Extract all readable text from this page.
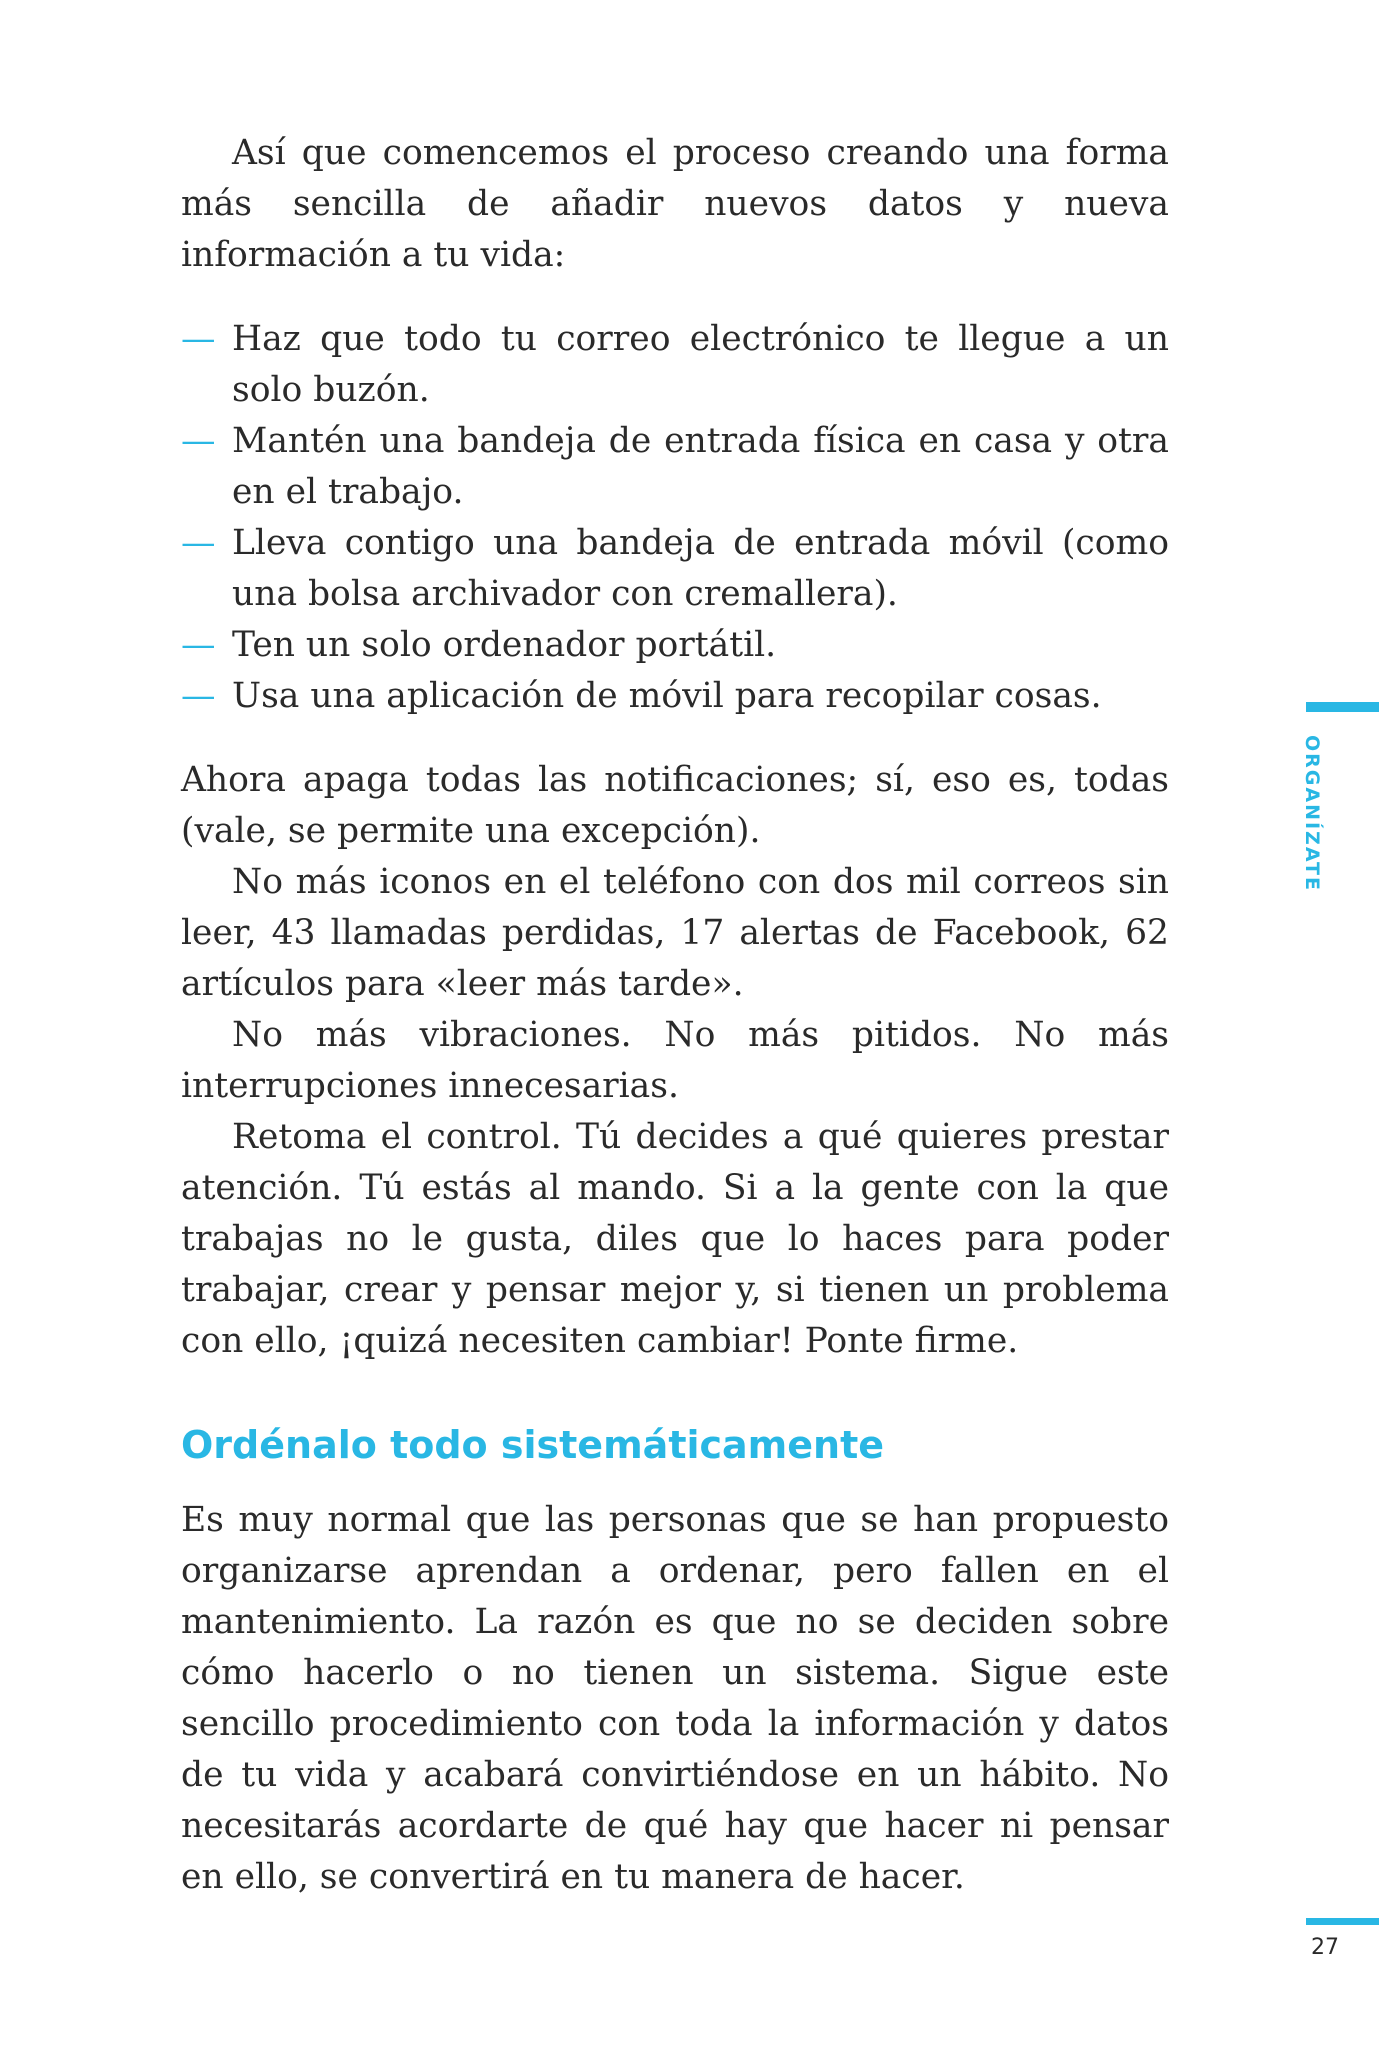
Así que comencemos el proceso creando una forma más sencilla de añadir nuevos datos y nueva información a tu vida:

— Haz que todo tu correo electrónico te llegue a un solo buzón.
— Mantén una bandeja de entrada física en casa y otra en el trabajo.
— Lleva contigo una bandeja de entrada móvil (como una bolsa archivador con cremallera).
— Ten un solo ordenador portátil.
— Usa una aplicación de móvil para recopilar cosas.

Ahora apaga todas las notificaciones; sí, eso es, todas (vale, se permite una excepción).

No más iconos en el teléfono con dos mil correos sin leer, 43 llamadas perdidas, 17 alertas de Facebook, 62 artículos para «leer más tarde».

No más vibraciones. No más pitidos. No más interrupciones innecesarias.

Retoma el control. Tú decides a qué quieres prestar atención. Tú estás al mando. Si a la gente con la que trabajas no le gusta, diles que lo haces para poder trabajar, crear y pensar mejor y, si tienen un problema con ello, ¡quizá necesiten cambiar! Ponte firme.

Ordénalo todo sistemáticamente

Es muy normal que las personas que se han propuesto organizarse aprendan a ordenar, pero fallen en el mantenimiento. La razón es que no se deciden sobre cómo hacerlo o no tienen un sistema. Sigue este sencillo procedimiento con toda la información y datos de tu vida y acabará convirtiéndose en un hábito. No necesitarás acordarte de qué hay que hacer ni pensar en ello, se convertirá en tu manera de hacer.

ORGANÍZATE
27
